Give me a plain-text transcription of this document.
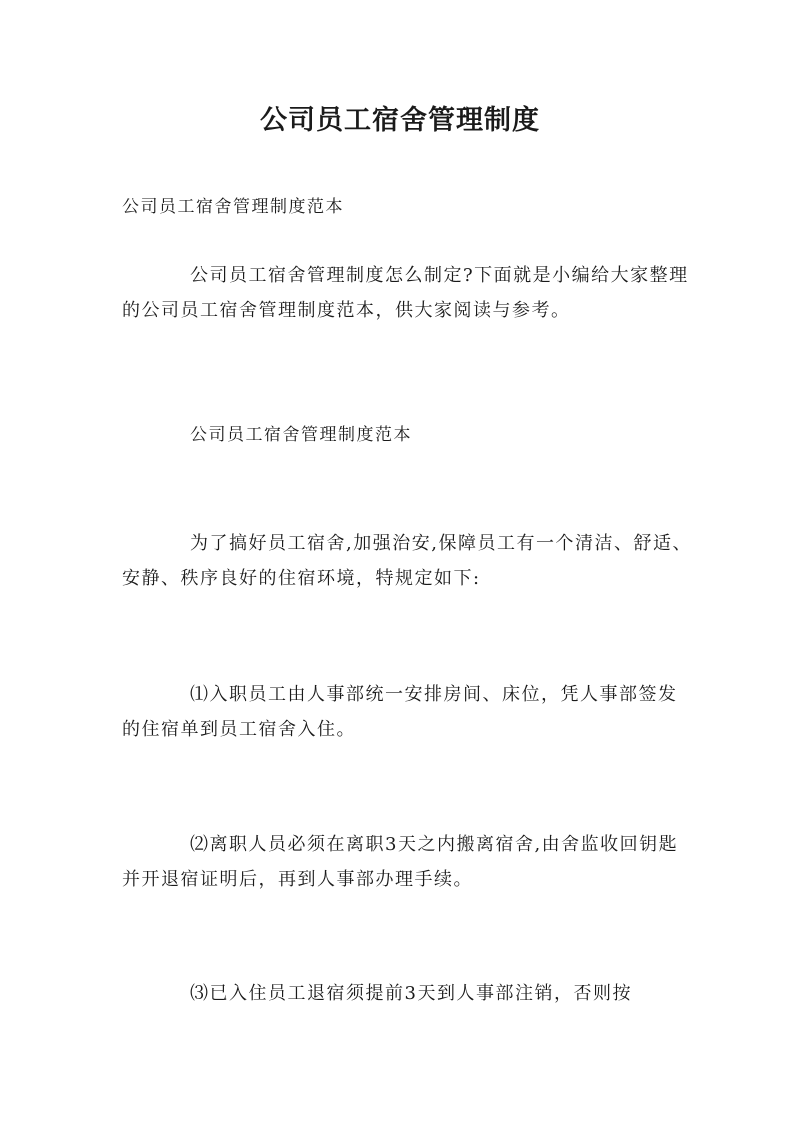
公司员工宿舍管理制度
公司员工宿舍管理制度范本
公司员工宿舍管理制度怎么制定?下面就是小编给大家整理的公司员工宿舍管理制度范本，供大家阅读与参考。
公司员工宿舍管理制度范本
为了搞好员工宿舍,加强治安,保障员工有一个清洁、舒适、安静、秩序良好的住宿环境，特规定如下:
⑴入职员工由人事部统一安排房间、床位，凭人事部签发的住宿单到员工宿舍入住。
⑵离职人员必须在离职3天之内搬离宿舍,由舍监收回钥匙并开退宿证明后，再到人事部办理手续。
⑶已入住员工退宿须提前3天到人事部注销，否则按
